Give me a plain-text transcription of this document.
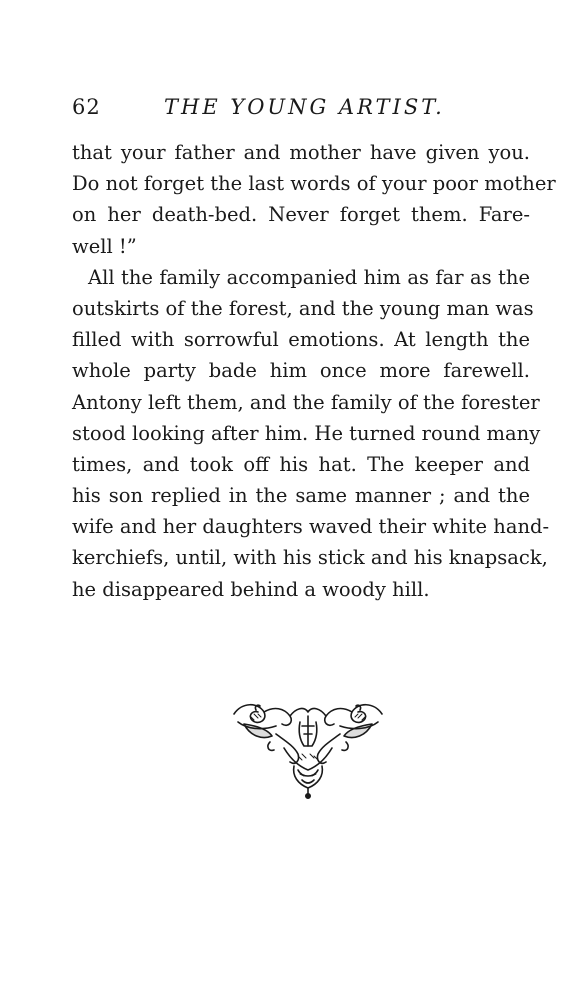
62	THE YOUNG ARTIST.
that your father and mother have given you.
Do not forget the last words of your poor mother
on her death-bed. Never forget them. Fare-
well !”
All the family accompanied him as far as the
outskirts of the forest, and the young man was
filled with sorrowful emotions. At length the
whole party bade him once more farewell.
Antony left them, and the family of the forester
stood looking after him. He turned round many
times, and took off his hat. The keeper and
his son replied in the same manner ; and the
wife and her daughters waved their white hand-
kerchiefs, until, with his stick and his knapsack,
he disappeared behind a woody hill.
